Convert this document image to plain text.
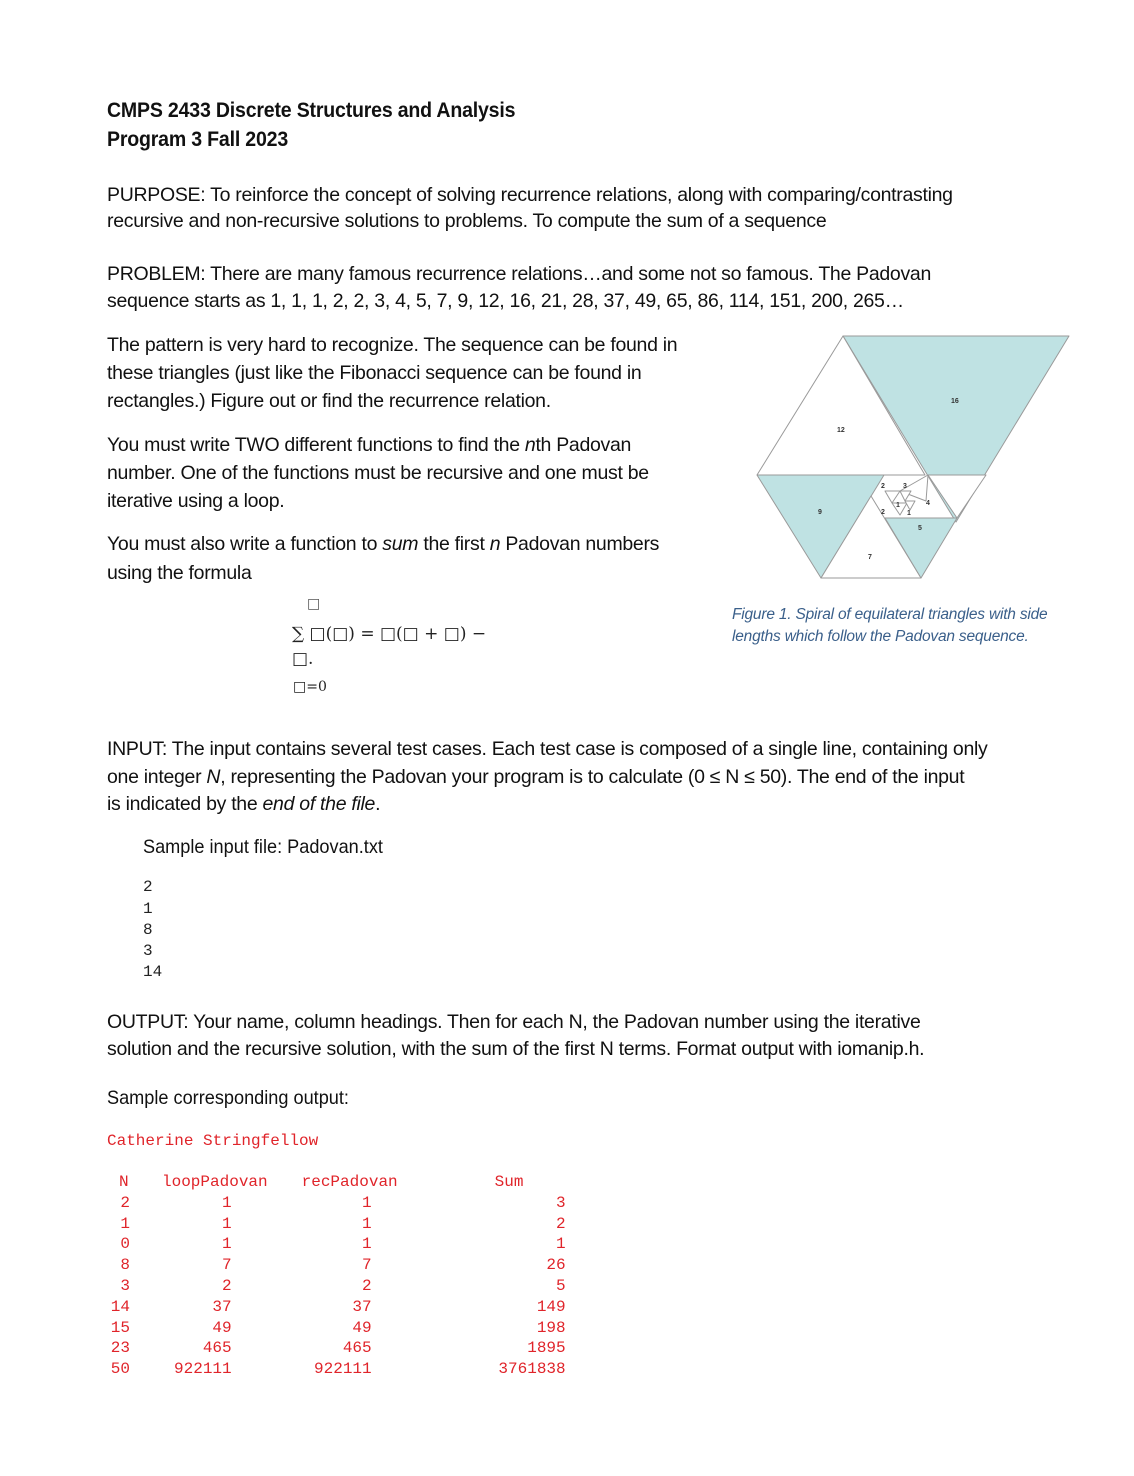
CMPS 2433 Discrete Structures and Analysis
Program 3 Fall 2023
PURPOSE: To reinforce the concept of solving recurrence relations, along with comparing/contrasting
recursive and non-recursive solutions to problems. To compute the sum of a sequence
PROBLEM: There are many famous recurrence relations…and some not so famous. The Padovan
sequence starts as 1, 1, 1, 2, 2, 3, 4, 5, 7, 9, 12, 16, 21, 28, 37, 49, 65, 86, 114, 151, 200, 265…
The pattern is very hard to recognize. The sequence can be found in
these triangles (just like the Fibonacci sequence can be found in
rectangles.) Figure out or find the recurrence relation.
You must write TWO different functions to find the nth Padovan
number. One of the functions must be recursive and one must be
iterative using a loop.
You must also write a function to sum the first n Padovan numbers
using the formula
□
∑ □(□) = □(□ + □) −
□.
□=0
16
12
9
7
5
4
3
2
2
1
1
Figure 1. Spiral of equilateral triangles with side
lengths which follow the Padovan sequence.
INPUT: The input contains several test cases. Each test case is composed of a single line, containing only
one integer N, representing the Padovan your program is to calculate (0 ≤ N ≤ 50). The end of the input
is indicated by the end of the file.
Sample input file: Padovan.txt
2
1
8
3
14
OUTPUT: Your name, column headings. Then for each N, the Padovan number using the iterative
solution and the recursive solution, with the sum of the first N terms. Format output with iomanip.h.
Sample corresponding output:
Catherine Stringfellow
N	loopPadovan	recPadovan	Sum
2	1	1	3
1	1	1	2
0	1	1	1
8	7	7	26
3	2	2	5
14	37	37	149
15	49	49	198
23	465	465	1895
50	922111	922111	3761838
